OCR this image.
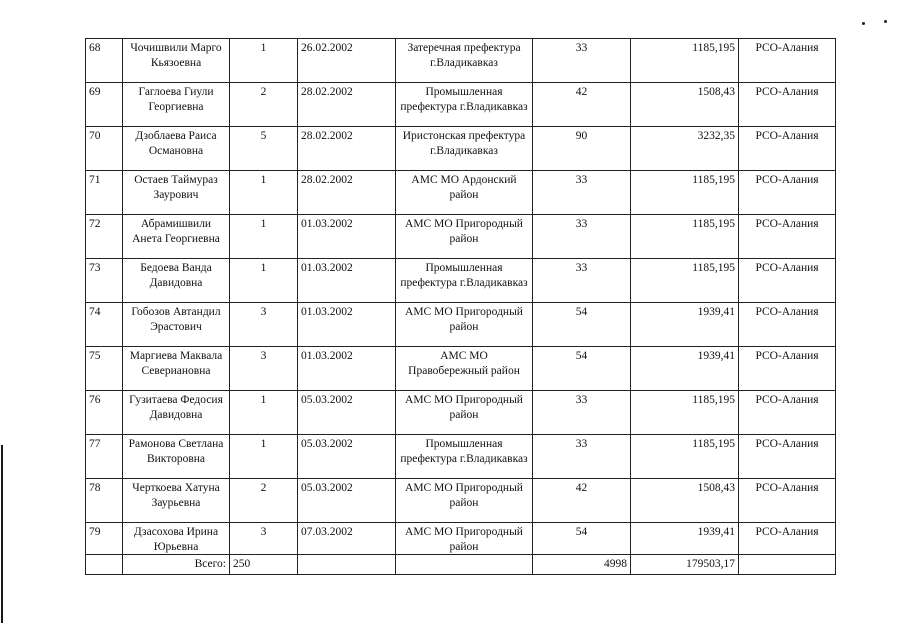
68	Чочишвили Марго Кьязоевна	1	26.02.2002	Затеречная префектура г.Владикавказ	33	1185,195	РСО-Алания
69	Гаглоева Гиули Георгиевна	2	28.02.2002	Промышленная префектура г.Владикавказ	42	1508,43	РСО-Алания
70	Дзоблаева Раиса Османовна	5	28.02.2002	Иристонская префектура г.Владикавказ	90	3232,35	РСО-Алания
71	Остаев Таймураз Заурович	1	28.02.2002	АМС МО Ардонский район	33	1185,195	РСО-Алания
72	Абрамишвили Анета Георгиевна	1	01.03.2002	АМС МО Пригородный район	33	1185,195	РСО-Алания
73	Бедоева Ванда Давидовна	1	01.03.2002	Промышленная префектура г.Владикавказ	33	1185,195	РСО-Алания
74	Гобозов Автандил Эрастович	3	01.03.2002	АМС МО Пригородный район	54	1939,41	РСО-Алания
75	Маргиева Маквала Севериановна	3	01.03.2002	АМС МО Правобережный район	54	1939,41	РСО-Алания
76	Гузитаева Федосия Давидовна	1	05.03.2002	АМС МО Пригородный район	33	1185,195	РСО-Алания
77	Рамонова Светлана Викторовна	1	05.03.2002	Промышленная префектура г.Владикавказ	33	1185,195	РСО-Алания
78	Черткоева Хатуна Заурьевна	2	05.03.2002	АМС МО Пригородный район	42	1508,43	РСО-Алания
79	Дзасохова Ирина Юрьевна	3	07.03.2002	АМС МО Пригородный район	54	1939,41	РСО-Алания
	Всего:	250			4998	179503,17	
